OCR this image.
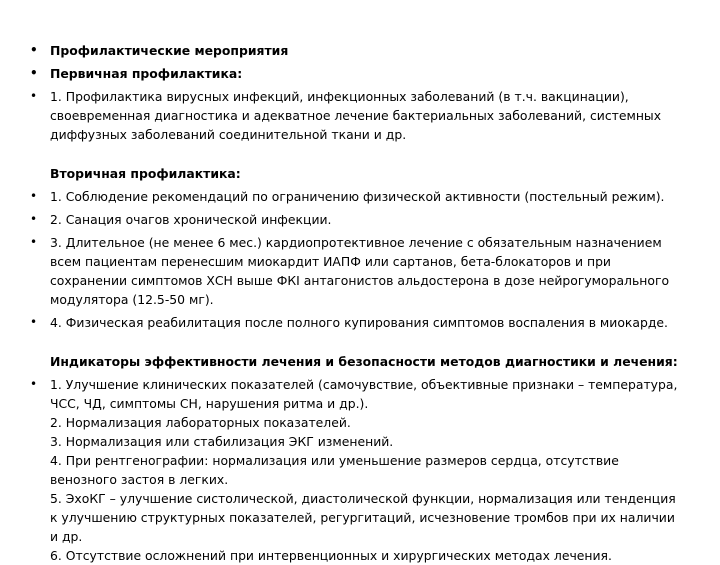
• Профилактические мероприятия
• Первичная профилактика:
• 1. Профилактика вирусных инфекций, инфекционных заболеваний (в т.ч. вакцинации),
своевременная диагностика и адекватное лечение бактериальных заболеваний, системных
диффузных заболеваний соединительной ткани и др.
Вторичная профилактика:
• 1. Соблюдение рекомендаций по ограничению физической активности (постельный режим).
• 2. Санация очагов хронической инфекции.
• 3. Длительное (не менее 6 мес.) кардиопротективное лечение с обязательным назначением
всем пациентам перенесшим миокардит ИАПФ или сартанов, бета-блокаторов и при
сохранении симптомов ХСН выше ФКI антагонистов альдостерона в дозе нейрогуморального
модулятора (12.5-50 мг).
• 4. Физическая реабилитация после полного купирования симптомов воспаления в миокарде.
Индикаторы эффективности лечения и безопасности методов диагностики и лечения:
• 1. Улучшение клинических показателей (самочувствие, объективные признаки – температура,
ЧСС, ЧД, симптомы СН, нарушения ритма и др.).
2. Нормализация лабораторных показателей.
3. Нормализация или стабилизация ЭКГ изменений.
4. При рентгенографии: нормализация или уменьшение размеров сердца, отсутствие
венозного застоя в легких.
5. ЭхоКГ – улучшение систолической, диастолической функции, нормализация или тенденция
к улучшению структурных показателей, регургитаций, исчезновение тромбов при их наличии
и др.
6. Отсутствие осложнений при интервенционных и хирургических методах лечения.
